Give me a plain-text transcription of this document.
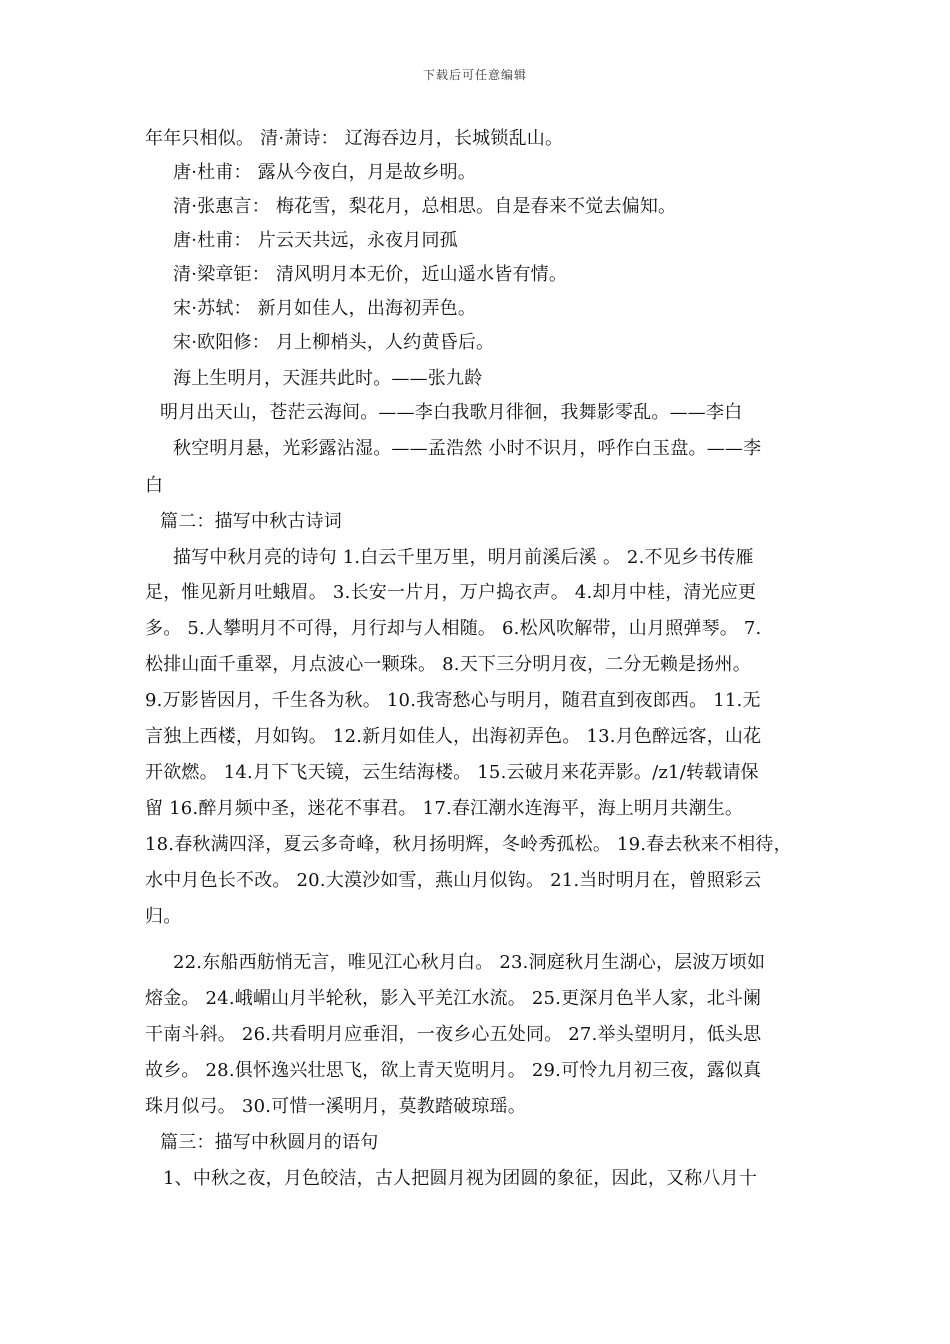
下载后可任意编辑
年年只相似。 清·萧诗： 辽海吞边月，长城锁乱山。
唐·杜甫： 露从今夜白，月是故乡明。
清·张惠言： 梅花雪，梨花月，总相思。自是春来不觉去偏知。
唐·杜甫： 片云天共远，永夜月同孤
清·梁章钜： 清风明月本无价，近山遥水皆有情。
宋·苏轼： 新月如佳人，出海初弄色。
宋·欧阳修： 月上柳梢头，人约黄昏后。
海上生明月，天涯共此时。——张九龄
明月出天山，苍茫云海间。——李白我歌月徘徊，我舞影零乱。——李白
秋空明月悬，光彩露沾湿。——孟浩然 小时不识月，呼作白玉盘。——李
白
篇二：描写中秋古诗词
描写中秋月亮的诗句 1.白云千里万里，明月前溪后溪 。 2.不见乡书传雁
足，惟见新月吐蛾眉。 3.长安一片月，万户捣衣声。 4.却月中桂，清光应更
多。 5.人攀明月不可得，月行却与人相随。 6.松风吹解带，山月照弹琴。 7.
松排山面千重翠，月点波心一颗珠。 8.天下三分明月夜，二分无赖是扬州。
9.万影皆因月，千生各为秋。 10.我寄愁心与明月，随君直到夜郎西。 11.无
言独上西楼，月如钩。 12.新月如佳人，出海初弄色。 13.月色醉远客，山花
开欲燃。 14.月下飞天镜，云生结海楼。 15.云破月来花弄影。/z1/转载请保
留 16.醉月频中圣，迷花不事君。 17.春江潮水连海平，海上明月共潮生。
18.春秋满四泽，夏云多奇峰，秋月扬明辉，冬岭秀孤松。 19.春去秋来不相待，
水中月色长不改。 20.大漠沙如雪，燕山月似钩。 21.当时明月在，曾照彩云
归。
22.东船西舫悄无言，唯见江心秋月白。 23.洞庭秋月生湖心，层波万顷如
熔金。 24.峨嵋山月半轮秋，影入平羌江水流。 25.更深月色半人家，北斗阑
干南斗斜。 26.共看明月应垂泪，一夜乡心五处同。 27.举头望明月，低头思
故乡。 28.俱怀逸兴壮思飞，欲上青天览明月。 29.可怜九月初三夜，露似真
珠月似弓。 30.可惜一溪明月，莫教踏破琼瑶。
篇三：描写中秋圆月的语句
1、中秋之夜，月色皎洁，古人把圆月视为团圆的象征，因此，又称八月十
